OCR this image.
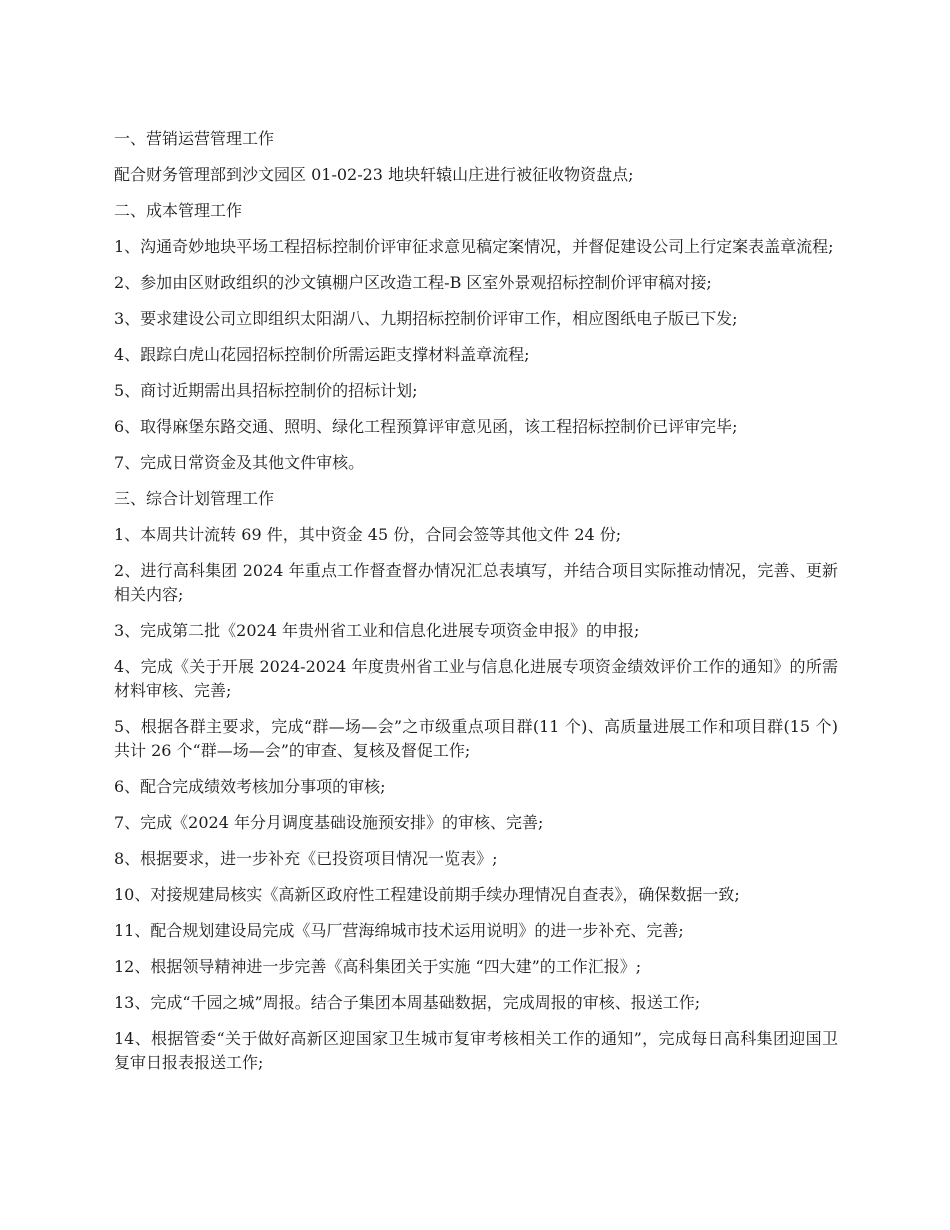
一、营销运营管理工作

配合财务管理部到沙文园区 01-02-23 地块轩辕山庄进行被征收物资盘点;

二、成本管理工作

1、沟通奇妙地块平场工程招标控制价评审征求意见稿定案情况，并督促建设公司上行定案表盖章流程;

2、参加由区财政组织的沙文镇棚户区改造工程-B 区室外景观招标控制价评审稿对接;

3、要求建设公司立即组织太阳湖八、九期招标控制价评审工作，相应图纸电子版已下发;

4、跟踪白虎山花园招标控制价所需运距支撑材料盖章流程;

5、商讨近期需出具招标控制价的招标计划;

6、取得麻堡东路交通、照明、绿化工程预算评审意见函，该工程招标控制价已评审完毕;

7、完成日常资金及其他文件审核。

三、综合计划管理工作

1、本周共计流转 69 件，其中资金 45 份，合同会签等其他文件 24 份;

2、进行高科集团 2024 年重点工作督查督办情况汇总表填写，并结合项目实际推动情况，完善、更新相关内容;

3、完成第二批《2024 年贵州省工业和信息化进展专项资金申报》的申报;

4、完成《关于开展 2024-2024 年度贵州省工业与信息化进展专项资金绩效评价工作的通知》的所需材料审核、完善;

5、根据各群主要求，完成“群—场—会”之市级重点项目群(11 个)、高质量进展工作和项目群(15 个)共计 26 个“群—场—会”的审查、复核及督促工作;

6、配合完成绩效考核加分事项的审核;

7、完成《2024 年分月调度基础设施预安排》的审核、完善;

8、根据要求，进一步补充《已投资项目情况一览表》;

10、对接规建局核实《高新区政府性工程建设前期手续办理情况自查表》，确保数据一致;

11、配合规划建设局完成《马厂营海绵城市技术运用说明》的进一步补充、完善;

12、根据领导精神进一步完善《高科集团关于实施 “四大建”的工作汇报》;

13、完成“千园之城”周报。结合子集团本周基础数据，完成周报的审核、报送工作;

14、根据管委“关于做好高新区迎国家卫生城市复审考核相关工作的通知”，完成每日高科集团迎国卫复审日报表报送工作;
